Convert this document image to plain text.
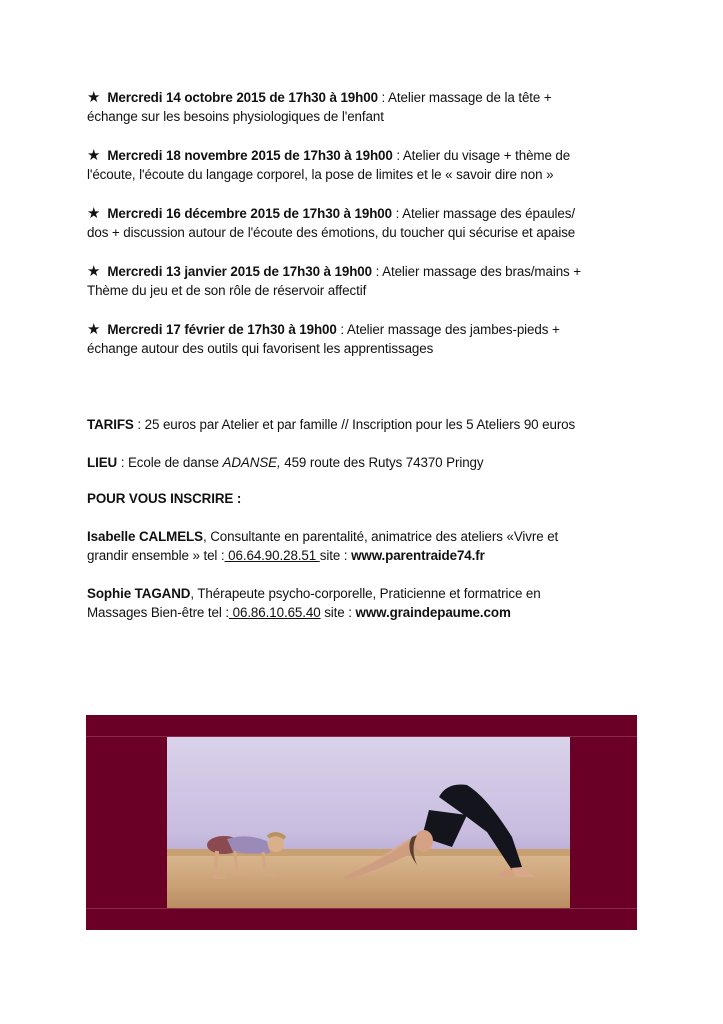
★ Mercredi 14 octobre 2015 de 17h30 à 19h00 : Atelier massage de la tête +
échange sur les besoins physiologiques de l'enfant
★ Mercredi 18 novembre 2015 de 17h30 à 19h00 : Atelier du visage + thème de
l'écoute, l'écoute du langage corporel, la pose de limites et le « savoir dire non »
★ Mercredi 16 décembre 2015 de 17h30 à 19h00 : Atelier massage des épaules/
dos + discussion autour de l'écoute des émotions, du toucher qui sécurise et apaise
★ Mercredi 13 janvier 2015 de 17h30 à 19h00 : Atelier massage des bras/mains +
Thème du jeu et de son rôle de réservoir affectif
★ Mercredi 17 février de 17h30 à 19h00 : Atelier massage des jambes-pieds +
échange autour des outils qui favorisent les apprentissages
TARIFS : 25 euros par Atelier et par famille // Inscription pour les 5 Ateliers 90 euros
LIEU : Ecole de danse ADANSE, 459 route des Rutys 74370 Pringy
POUR VOUS INSCRIRE :
Isabelle CALMELS, Consultante en parentalité, animatrice des ateliers «Vivre et
grandir ensemble » tel : 06.64.90.28.51 site : www.parentraide74.fr
Sophie TAGAND, Thérapeute psycho-corporelle, Praticienne et formatrice en
Massages Bien-être tel : 06.86.10.65.40 site : www.graindepaume.com
